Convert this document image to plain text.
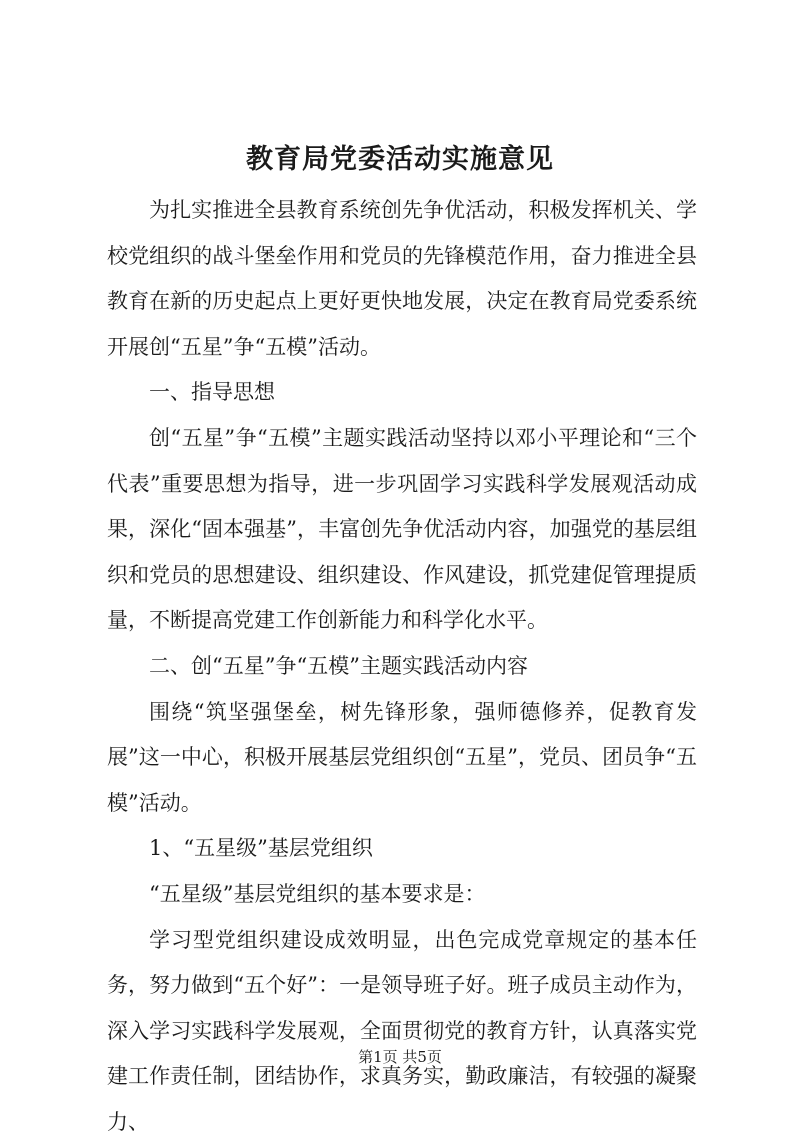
教育局党委活动实施意见

为扎实推进全县教育系统创先争优活动，积极发挥机关、学校党组织的战斗堡垒作用和党员的先锋模范作用，奋力推进全县教育在新的历史起点上更好更快地发展，决定在教育局党委系统开展创“五星”争“五模”活动。

一、指导思想

创“五星”争“五模”主题实践活动坚持以邓小平理论和“三个代表”重要思想为指导，进一步巩固学习实践科学发展观活动成果，深化“固本强基”，丰富创先争优活动内容，加强党的基层组织和党员的思想建设、组织建设、作风建设，抓党建促管理提质量，不断提高党建工作创新能力和科学化水平。

二、创“五星”争“五模”主题实践活动内容

围绕“筑坚强堡垒，树先锋形象，强师德修养，促教育发展”这一中心，积极开展基层党组织创“五星”，党员、团员争“五模”活动。

1、“五星级”基层党组织

“五星级”基层党组织的基本要求是：

学习型党组织建设成效明显，出色完成党章规定的基本任务，努力做到“五个好”：一是领导班子好。班子成员主动作为，深入学习实践科学发展观，全面贯彻党的教育方针，认真落实党建工作责任制，团结协作，求真务实，勤政廉洁，有较强的凝聚力、

第1页 共5页
